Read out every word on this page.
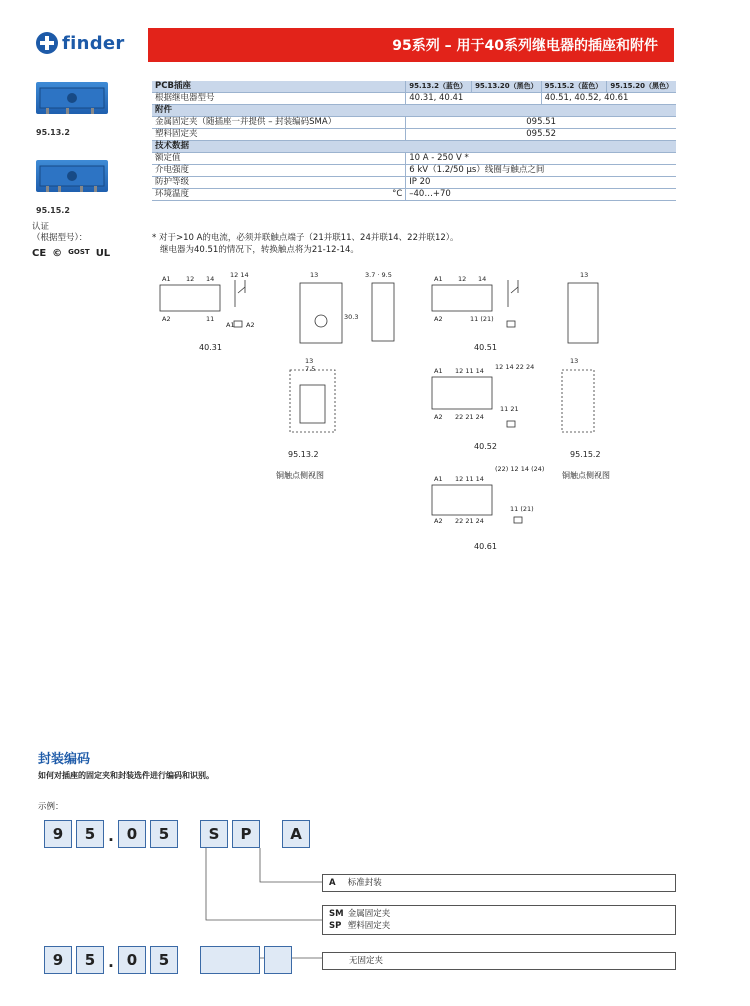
finder	95系列 – 用于40系列继电器的插座和附件
95.13.2
95.15.2
认证
（根据型号）：
CE © GOST UL
PCB插座		95.13.2（蓝色）	95.13.20（黑色）	95.15.2（蓝色）	95.15.20（黑色）
根据继电器型号		40.31, 40.41		40.51, 40.52, 40.61	
附件					
金属固定夹（随插座一并提供 – 封装编码SMA）		095.51			
塑料固定夹		095.52			
技术数据					
额定值		10 A - 250 V *			
介电强度		6 kV（1.2/50 μs）线圈与触点之间			
防护等级		IP 20			
环境温度	°C	–40…+70			
* 对于>10 A的电流，必须并联触点端子（21并联11、24并联14、22并联12）。
继电器为40.51的情况下，转换触点将为21-12-14。
A1 12 14
A2	11
12 14
A1 A2
13
30.3
3.7 · 9.5	A1 12 14
A2	11 (21)
13
13
7.5	A1 12 11 14
A2 22 21 24
12 14 22 24
11 21
13
A1 12 11 14
A2 22 21 24
(22) 12 14 (24)
11 (21)
40.31	40.51
95.13.2
40.52
95.15.2
铜触点侧视图	铜触点侧视图
40.61
封装编码
如何对插座的固定夹和封装选件进行编码和识别。
示例：
9	5 . 0	5	S	P	A
A 标准封装
SM 金属固定夹
SP 塑料固定夹
9	5 . 0	5	无固定夹
